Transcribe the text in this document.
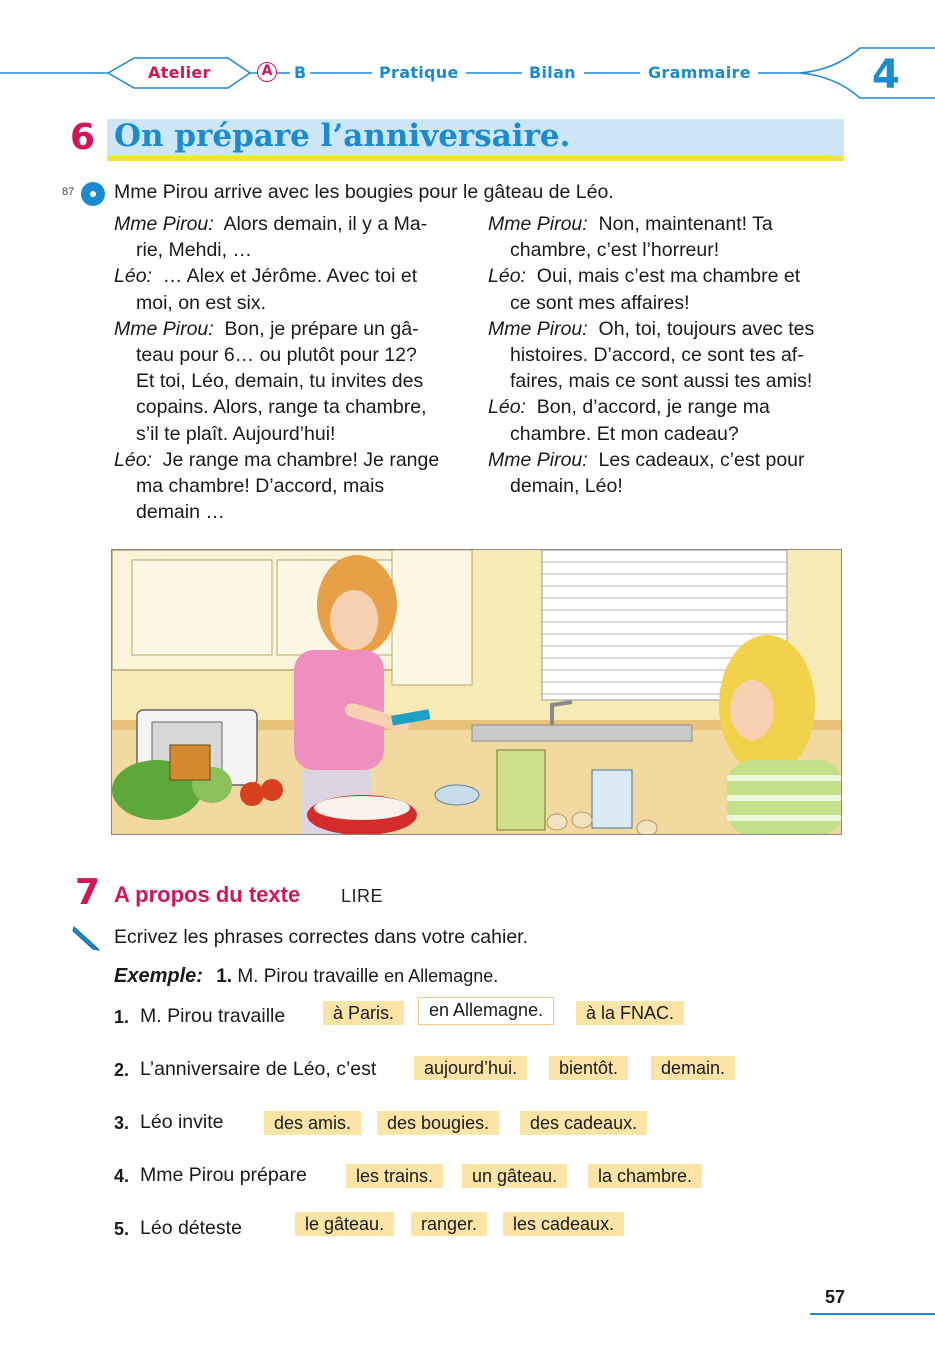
Atelier	A B	Pratique	Bilan	Grammaire	4
6 On prépare l’anniversaire.
87 Mme Pirou arrive avec les bougies pour le gâteau de Léo.
Mme Pirou: Alors demain, il y a Ma-
rie, Mehdi, …
Léo: … Alex et Jérôme. Avec toi et
moi, on est six.
Mme Pirou: Bon, je prépare un gâ-
teau pour 6… ou plutôt pour 12?
Et toi, Léo, demain, tu invites des
copains. Alors, range ta chambre,
s’il te plaît. Aujourd’hui!
Léo: Je range ma chambre! Je range
ma chambre! D’accord, mais
demain …
Mme Pirou: Non, maintenant! Ta
chambre, c’est l’horreur!
Léo: Oui, mais c’est ma chambre et
ce sont mes affaires!
Mme Pirou: Oh, toi, toujours avec tes
histoires. D’accord, ce sont tes af-
faires, mais ce sont aussi tes amis!
Léo: Bon, d’accord, je range ma
chambre. Et mon cadeau?
Mme Pirou: Les cadeaux, c’est pour
demain, Léo!
7 A propos du texte LIRE
Ecrivez les phrases correctes dans votre cahier.
Exemple: 1. M. Pirou travaille en Allemagne.
1. M. Pirou travaille	à Paris.	en Allemagne.	à la FNAC.
2. L’anniversaire de Léo, c’est	aujourd’hui.	bientôt.	demain.
3. Léo invite	des amis.	des bougies.	des cadeaux.
4. Mme Pirou prépare	les trains.	un gâteau.	la chambre.
5. Léo déteste	le gâteau.	ranger.	les cadeaux.
57
